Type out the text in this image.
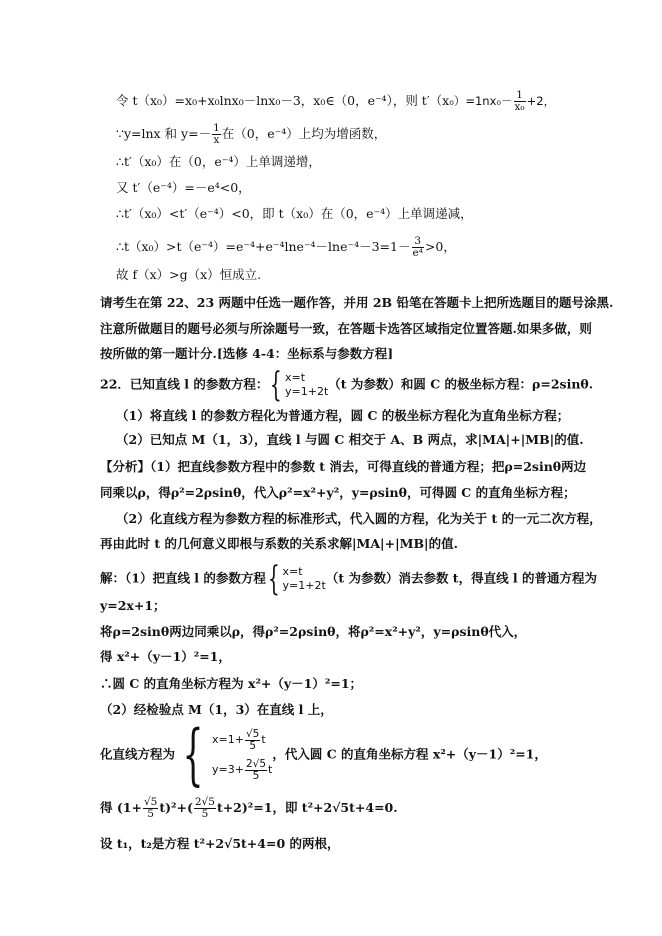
令 t（x₀）=x₀+x₀lnx₀－lnx₀－3，x₀∈（0，e⁻⁴），则 $t'(x_0)=1nx_0- \frac{1}{\text{x₀}} +2$，
∵y=lnx 和 $y=- \frac{1}{x}$ 在（0，e⁻⁴）上均为增函数，
∴t′（x₀）在（0，e⁻⁴）上单调递增，
又 t′（e⁻⁴）=－e⁴<0，
∴t′（x₀）<t′（e⁻⁴）<0，即 t（x₀）在（0，e⁻⁴）上单调递减，
∴t（x₀）>t（e⁻⁴）=e⁻⁴+e⁻⁴lne⁻⁴－lne⁻⁴－3=1－ $\frac{3}{\text{e⁴}} >0$，
故 f（x）>g（x）恒成立.
请考生在第 22、23 两题中任选一题作答，并用 2B 铅笔在答题卡上把所选题目的题号涂黑.
注意所做题目的题号必须与所涂题号一致，在答题卡选答区域指定位置答题.如果多做，则
按所做的第一题计分.[选修 4-4：坐标系与参数方程]
22．已知直线 l 的参数方程： { x=t
y=1+2t （t 为参数）和圆 C 的极坐标方程：ρ=2sinθ.
（1）将直线 l 的参数方程化为普通方程，圆 C 的极坐标方程化为直角坐标方程；
（2）已知点 M（1，3），直线 l 与圆 C 相交于 A、B 两点，求|MA|+|MB|的值.
【分析】（1）把直线参数方程中的参数 t 消去，可得直线的普通方程；把ρ=2sinθ两边
同乘以ρ，得ρ²=2ρsinθ，代入ρ²=x²+y²，y=ρsinθ，可得圆 C 的直角坐标方程；
（2）化直线方程为参数方程的标准形式，代入圆的方程，化为关于 t 的一元二次方程，
再由此时 t 的几何意义即根与系数的关系求解|MA|+|MB|的值.
解：（1）把直线 l 的参数方程 { x=t
y=1+2t （t 为参数）消去参数 t，得直线 l 的普通方程为
y=2x+1；
将ρ=2sinθ两边同乘以ρ，得ρ²=2ρsinθ，将ρ²=x²+y²，y=ρsinθ代入，
得 x²+（y－1）²=1，
∴圆 C 的直角坐标方程为 x²+（y－1）²=1；
（2）经检验点 M（1，3）在直线 l 上，
化直线方程为 { $x=1+ \frac{√5}{5}$ t
$y=3+ \frac{2√5}{5}$ t
，代入圆 C 的直角坐标方程 x²+（y－1）²=1，
得 $(1+ \frac{√5}{5} t)^2+( \frac{2√5}{5} t+2)^2=1$，即 t²+2√5t+4=0.
设 t₁，t₂是方程 t²+2√5t+4=0 的两根，
